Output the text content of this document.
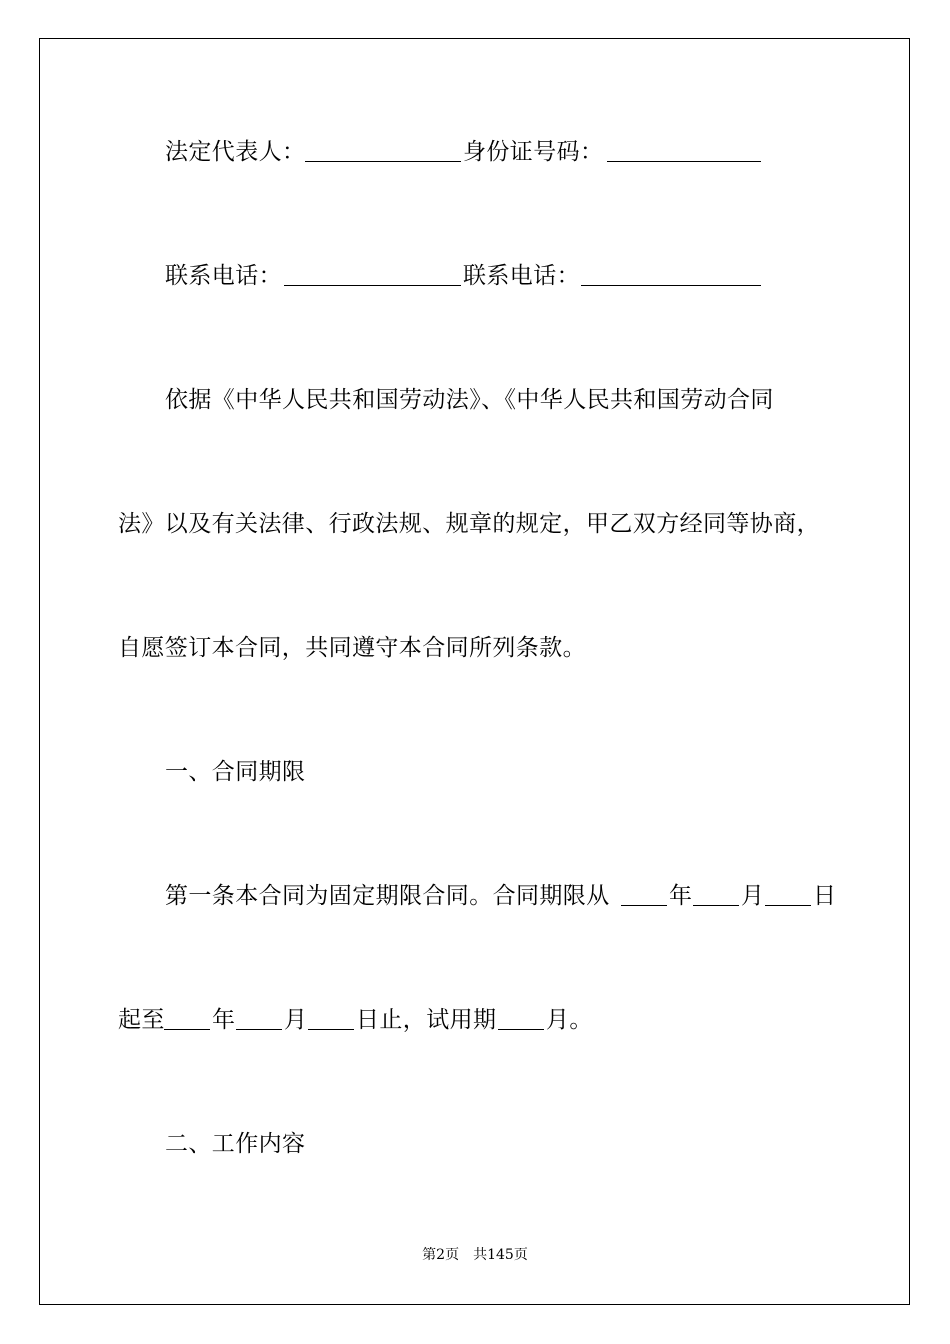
法定代表人：	身份证号码：
联系电话：	联系电话：
依据《中华人民共和国劳动法》、《中华人民共和国劳动合同
法》以及有关法律、行政法规、规章的规定，甲乙双方经同等协商，
自愿签订本合同，共同遵守本合同所列条款。
一、合同期限
第一条本合同为固定期限合同。合同期限从	年 月 日
起至 年 月 日止，试用期 月。
二、工作内容
第2页 共145页
